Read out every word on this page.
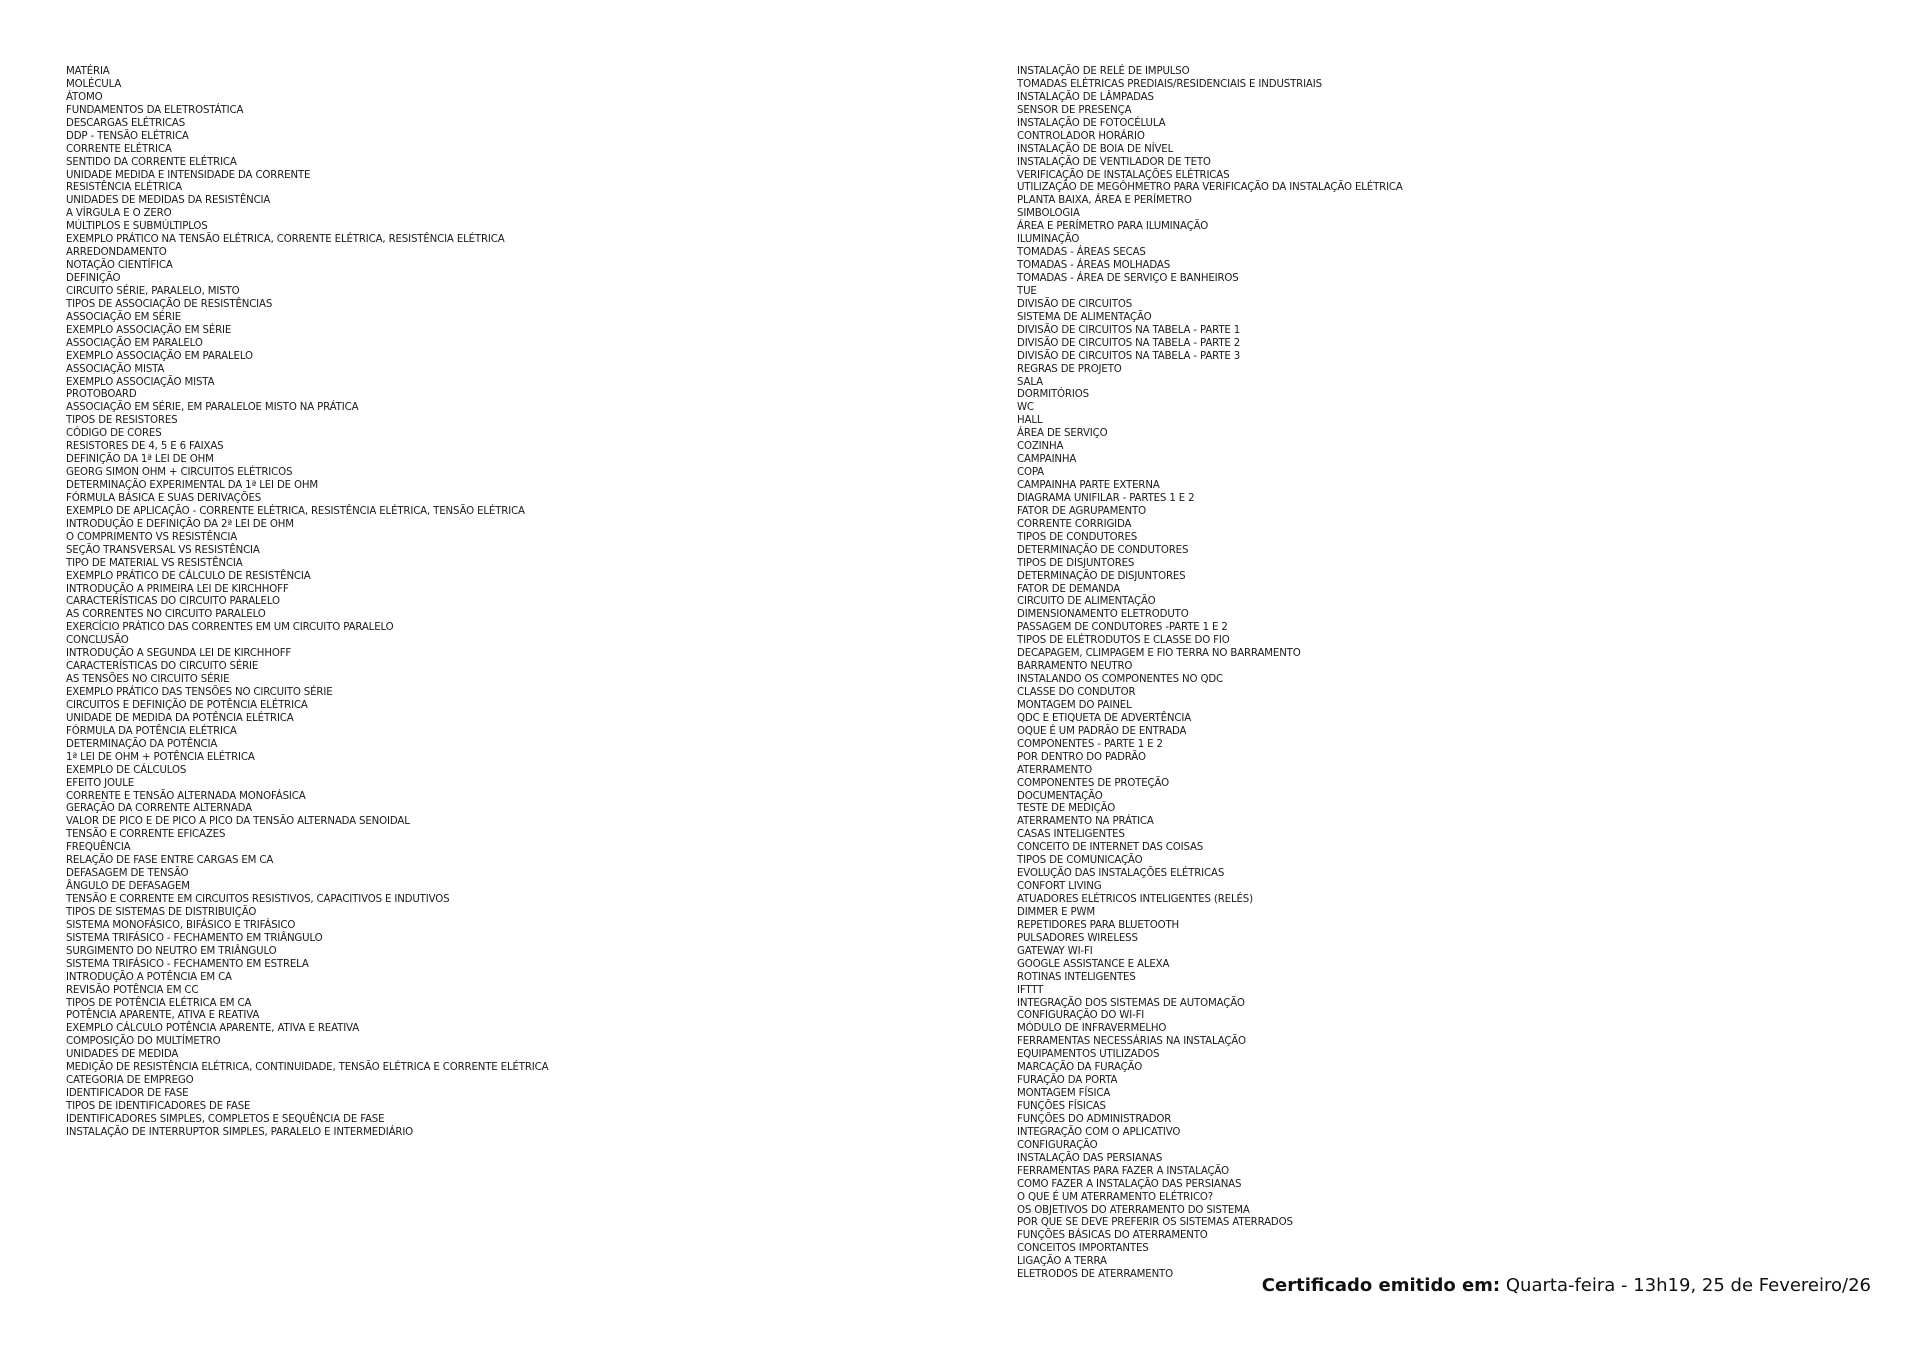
MATÉRIA
MOLÉCULA
ÁTOMO
FUNDAMENTOS DA ELETROSTÁTICA
DESCARGAS ELÉTRICAS
DDP - TENSÃO ELÉTRICA
CORRENTE ELÉTRICA
SENTIDO DA CORRENTE ELÉTRICA
UNIDADE MEDIDA E INTENSIDADE DA CORRENTE
RESISTÊNCIA ELÉTRICA
UNIDADES DE MEDIDAS DA RESISTÊNCIA
A VÍRGULA E O ZERO
MÚLTIPLOS E SUBMÚLTIPLOS
EXEMPLO PRÁTICO NA TENSÃO ELÉTRICA, CORRENTE ELÉTRICA, RESISTÊNCIA ELÉTRICA
ARREDONDAMENTO
NOTAÇÃO CIENTÍFICA
DEFINIÇÃO
CIRCUITO SÉRIE, PARALELO, MISTO
TIPOS DE ASSOCIAÇÃO DE RESISTÊNCIAS
ASSOCIAÇÃO EM SÉRIE
EXEMPLO ASSOCIAÇÃO EM SÉRIE
ASSOCIAÇÃO EM PARALELO
EXEMPLO ASSOCIAÇÃO EM PARALELO
ASSOCIAÇÃO MISTA
EXEMPLO ASSOCIAÇÃO MISTA
PROTOBOARD
ASSOCIAÇÃO EM SÉRIE, EM PARALELOE MISTO NA PRÁTICA
TIPOS DE RESISTORES
CÓDIGO DE CORES
RESISTORES DE 4, 5 E 6 FAIXAS
DEFINIÇÃO DA 1ª LEI DE OHM
GEORG SIMON OHM + CIRCUITOS ELÉTRICOS
DETERMINAÇÃO EXPERIMENTAL DA 1ª LEI DE OHM
FÓRMULA BÁSICA E SUAS DERIVAÇÕES
EXEMPLO DE APLICAÇÃO - CORRENTE ELÉTRICA, RESISTÊNCIA ELÉTRICA, TENSÃO ELÉTRICA
INTRODUÇÃO E DEFINIÇÃO DA 2ª LEI DE OHM
O COMPRIMENTO VS RESISTÊNCIA
SEÇÃO TRANSVERSAL VS RESISTÊNCIA
TIPO DE MATERIAL VS RESISTÊNCIA
EXEMPLO PRÁTICO DE CÁLCULO DE RESISTÊNCIA
INTRODUÇÃO A PRIMEIRA LEI DE KIRCHHOFF
CARACTERÍSTICAS DO CIRCUITO PARALELO
AS CORRENTES NO CIRCUITO PARALELO
EXERCÍCIO PRÁTICO DAS CORRENTES EM UM CIRCUITO PARALELO
CONCLUSÃO
INTRODUÇÃO A SEGUNDA LEI DE KIRCHHOFF
CARACTERÍSTICAS DO CIRCUITO SÉRIE
AS TENSÕES NO CIRCUITO SÉRIE
EXEMPLO PRÁTICO DAS TENSÕES NO CIRCUITO SÉRIE
CIRCUITOS E DEFINIÇÃO DE POTÊNCIA ELÉTRICA
UNIDADE DE MEDIDA DA POTÊNCIA ELÉTRICA
FÓRMULA DA POTÊNCIA ELÉTRICA
DETERMINAÇÃO DA POTÊNCIA
1ª LEI DE OHM + POTÊNCIA ELÉTRICA
EXEMPLO DE CÁLCULOS
EFEITO JOULE
CORRENTE E TENSÃO ALTERNADA MONOFÁSICA
GERAÇÃO DA CORRENTE ALTERNADA
VALOR DE PICO E DE PICO A PICO DA TENSÃO ALTERNADA SENOIDAL
TENSÃO E CORRENTE EFICAZES
FREQUÊNCIA
RELAÇÃO DE FASE ENTRE CARGAS EM CA
DEFASAGEM DE TENSÃO
ÂNGULO DE DEFASAGEM
TENSÃO E CORRENTE EM CIRCUITOS RESISTIVOS, CAPACITIVOS E INDUTIVOS
TIPOS DE SISTEMAS DE DISTRIBUIÇÃO
SISTEMA MONOFÁSICO, BIFÁSICO E TRIFÁSICO
SISTEMA TRIFÁSICO - FECHAMENTO EM TRIÂNGULO
SURGIMENTO DO NEUTRO EM TRIÂNGULO
SISTEMA TRIFÁSICO - FECHAMENTO EM ESTRELA
INTRODUÇÃO A POTÊNCIA EM CA
REVISÃO POTÊNCIA EM CC
TIPOS DE POTÊNCIA ELÉTRICA EM CA
POTÊNCIA APARENTE, ATIVA E REATIVA
EXEMPLO CÁLCULO POTÊNCIA APARENTE, ATIVA E REATIVA
COMPOSIÇÃO DO MULTÍMETRO
UNIDADES DE MEDIDA
MEDIÇÃO DE RESISTÊNCIA ELÉTRICA, CONTINUIDADE, TENSÃO ELÉTRICA E CORRENTE ELÉTRICA
CATEGORIA DE EMPREGO
IDENTIFICADOR DE FASE
TIPOS DE IDENTIFICADORES DE FASE
IDENTIFICADORES SIMPLES, COMPLETOS E SEQUÊNCIA DE FASE
INSTALAÇÃO DE INTERRUPTOR SIMPLES, PARALELO E INTERMEDIÁRIO
INSTALAÇÃO DE RELÉ DE IMPULSO
TOMADAS ELÉTRICAS PREDIAIS/RESIDENCIAIS E INDUSTRIAIS
INSTALAÇÃO DE LÂMPADAS
SENSOR DE PRESENÇA
INSTALAÇÃO DE FOTOCÉLULA
CONTROLADOR HORÁRIO
INSTALAÇÃO DE BOIA DE NÍVEL
INSTALAÇÃO DE VENTILADOR DE TETO
VERIFICAÇÃO DE INSTALAÇÕES ELÉTRICAS
UTILIZAÇÃO DE MEGÔHMETRO PARA VERIFICAÇÃO DA INSTALAÇÃO ELÉTRICA
PLANTA BAIXA, ÁREA E PERÍMETRO
SIMBOLOGIA
ÁREA E PERÍMETRO PARA ILUMINAÇÃO
ILUMINAÇÃO
TOMADAS - ÁREAS SECAS
TOMADAS - ÁREAS MOLHADAS
TOMADAS - ÁREA DE SERVIÇO E BANHEIROS
TUE
DIVISÃO DE CIRCUITOS
SISTEMA DE ALIMENTAÇÃO
DIVISÃO DE CIRCUITOS NA TABELA - PARTE 1
DIVISÃO DE CIRCUITOS NA TABELA - PARTE 2
DIVISÃO DE CIRCUITOS NA TABELA - PARTE 3
REGRAS DE PROJETO
SALA
DORMITÓRIOS
WC
HALL
ÁREA DE SERVIÇO
COZINHA
CAMPAINHA
COPA
CAMPAINHA PARTE EXTERNA
DIAGRAMA UNIFILAR - PARTES 1 E 2
FATOR DE AGRUPAMENTO
CORRENTE CORRIGIDA
TIPOS DE CONDUTORES
DETERMINAÇÃO DE CONDUTORES
TIPOS DE DISJUNTORES
DETERMINAÇÃO DE DISJUNTORES
FATOR DE DEMANDA
CIRCUITO DE ALIMENTAÇÃO
DIMENSIONAMENTO ELETRODUTO
PASSAGEM DE CONDUTORES -PARTE 1 E 2
TIPOS DE ELÉTRODUTOS E CLASSE DO FIO
DECAPAGEM, CLIMPAGEM E FIO TERRA NO BARRAMENTO
BARRAMENTO NEUTRO
INSTALANDO OS COMPONENTES NO QDC
CLASSE DO CONDUTOR
MONTAGEM DO PAINEL
QDC E ETIQUETA DE ADVERTÊNCIA
OQUE É UM PADRÃO DE ENTRADA
COMPONENTES - PARTE 1 E 2
POR DENTRO DO PADRÃO
ATERRAMENTO
COMPONENTES DE PROTEÇÃO
DOCUMENTAÇÃO
TESTE DE MEDIÇÃO
ATERRAMENTO NA PRÁTICA
CASAS INTELIGENTES
CONCEITO DE INTERNET DAS COISAS
TIPOS DE COMUNICAÇÃO
EVOLUÇÃO DAS INSTALAÇÕES ELÉTRICAS
CONFORT LIVING
ATUADORES ELÉTRICOS INTELIGENTES (RELÉS)
DIMMER E PWM
REPETIDORES PARA BLUETOOTH
PULSADORES WIRELESS
GATEWAY WI-FI
GOOGLE ASSISTANCE E ALEXA
ROTINAS INTELIGENTES
IFTTT
INTEGRAÇÃO DOS SISTEMAS DE AUTOMAÇÃO
CONFIGURAÇÃO DO WI-FI
MÓDULO DE INFRAVERMELHO
FERRAMENTAS NECESSÁRIAS NA INSTALAÇÃO
EQUIPAMENTOS UTILIZADOS
MARCAÇÃO DA FURAÇÃO
FURAÇÃO DA PORTA
MONTAGEM FÍSICA
FUNÇÕES FÍSICAS
FUNÇÕES DO ADMINISTRADOR
INTEGRAÇÃO COM O APLICATIVO
CONFIGURAÇÃO
INSTALAÇÃO DAS PERSIANAS
FERRAMENTAS PARA FAZER A INSTALAÇÃO
COMO FAZER A INSTALAÇÃO DAS PERSIANAS
O QUE É UM ATERRAMENTO ELÉTRICO?
OS OBJETIVOS DO ATERRAMENTO DO SISTEMA
POR QUE SE DEVE PREFERIR OS SISTEMAS ATERRADOS
FUNÇÕES BÁSICAS DO ATERRAMENTO
CONCEITOS IMPORTANTES
LIGAÇÃO A TERRA
ELETRODOS DE ATERRAMENTO
Certificado emitido em: Quarta-feira - 13h19, 25 de Fevereiro/26
